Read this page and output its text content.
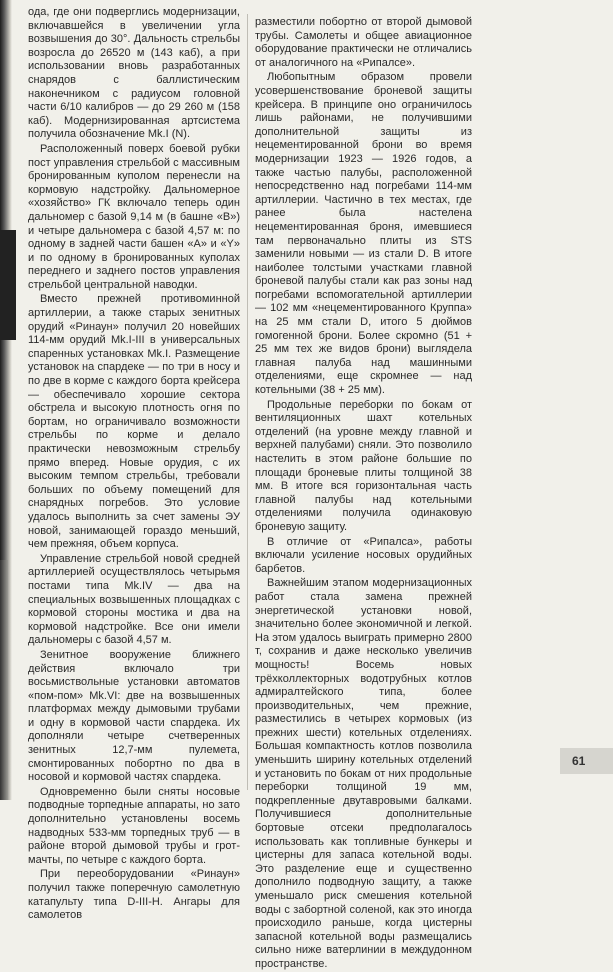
ода, где они подверглись модернизации, включавшейся в увеличении угла возвышения до 30°. Дальность стрельбы возросла до 26520 м (143 каб), а при использовании вновь разработанных снарядов с баллистическим наконечником с радиусом головной части 6/10 калибров — до 29 260 м (158 каб). Модернизированная артсистема получила обозначение Mk.I (N).

Расположенный поверх боевой рубки пост управления стрельбой с массивным бронированным куполом перенесли на кормовую надстройку. Дальномерное «хозяйство» ГК включало теперь один дальномер с базой 9,14 м (в башне «В») и четыре дальномера с базой 4,57 м: по одному в задней части башен «А» и «Y» и по одному в бронированных куполах переднего и заднего постов управления стрельбой центральной наводки.

Вместо прежней противоминной артиллерии, а также старых зенитных орудий «Ринаун» получил 20 новейших 114-мм орудий Mk.I-III в универсальных спаренных установках Mk.I. Размещение установок на спардеке — по три в носу и по две в корме с каждого борта крейсера — обеспечивало хорошие сектора обстрела и высокую плотность огня по бортам, но ограничивало возможности стрельбы по корме и делало практически невозможным стрельбу прямо вперед. Новые орудия, с их высоким темпом стрельбы, требовали больших по объему помещений для снарядных погребов. Это условие удалось выполнить за счет замены ЭУ новой, занимающей гораздо меньший, чем прежняя, объем корпуса.

Управление стрельбой новой средней артиллерией осуществлялось четырьмя постами типа Mk.IV — два на специальных возвышенных площадках с кормовой стороны мостика и два на кормовой надстройке. Все они имели дальномеры с базой 4,57 м.

Зенитное вооружение ближнего действия включало три восьмиствольные установки автоматов «пом-пом» Mk.VI: две на возвышенных платформах между дымовыми трубами и одну в кормовой части спардека. Их дополняли четыре счетверенных зенитных 12,7-мм пулемета, смонтированных побортно по два в носовой и кормовой частях спардека.

Одновременно были сняты носовые подводные торпедные аппараты, но зато дополнительно установлены восемь надводных 533-мм торпедных труб — в районе второй дымовой трубы и грот-мачты, по четыре с каждого борта.

При переоборудовании «Ринаун» получил также поперечную самолетную катапульту типа D-III-H. Ангары для самолетов

разместили побортно от второй дымовой трубы. Самолеты и общее авиационное оборудование практически не отличались от аналогичного на «Рипалсе».

Любопытным образом провели усовершенствование броневой защиты крейсера. В принципе оно ограничилось лишь районами, не получившими дополнительной защиты из нецементированной брони во время модернизации 1923 — 1926 годов, а также частью палубы, расположенной непосредственно над погребами 114-мм артиллерии. Частично в тех местах, где ранее была настелена нецементированная броня, имевшиеся там первоначально плиты из STS заменили новыми — из стали D. В итоге наиболее толстыми участками главной броневой палубы стали как раз зоны над погребами вспомогательной артиллерии — 102 мм «нецементированного Круппа» на 25 мм стали D, итого 5 дюймов гомогенной брони. Более скромно (51 + 25 мм тех же видов брони) выглядела главная палуба над машинными отделениями, еще скромнее — над котельными (38 + 25 мм).

Продольные переборки по бокам от вентиляционных шахт котельных отделений (на уровне между главной и верхней палубами) сняли. Это позволило настелить в этом районе большие по площади броневые плиты толщиной 38 мм. В итоге вся горизонтальная часть главной палубы над котельными отделениями получила одинаковую броневую защиту.

В отличие от «Рипалса», работы включали усиление носовых орудийных барбетов.

Важнейшим этапом модернизационных работ стала замена прежней энергетической установки новой, значительно более экономичной и легкой. На этом удалось выиграть примерно 2800 т, сохранив и даже несколько увеличив мощность! Восемь новых трёхколлекторных водотрубных котлов адмиралтейского типа, более производительных, чем прежние, разместились в четырех кормовых (из прежних шести) котельных отделениях. Большая компактность котлов позволила уменьшить ширину котельных отделений и установить по бокам от них продольные переборки толщиной 19 мм, подкрепленные двутавровыми балками. Получившиеся дополнительные бортовые отсеки предполагалось использовать как топливные бункеры и цистерны для запаса котельной воды. Это разделение еще и существенно дополнило подводную защиту, а также уменьшало риск смешения котельной воды с забортной соленой, как это иногда происходило раньше, когда цистерны запасной котельной воды размещались сильно ниже ватерлинии в междудонном пространстве.

61
